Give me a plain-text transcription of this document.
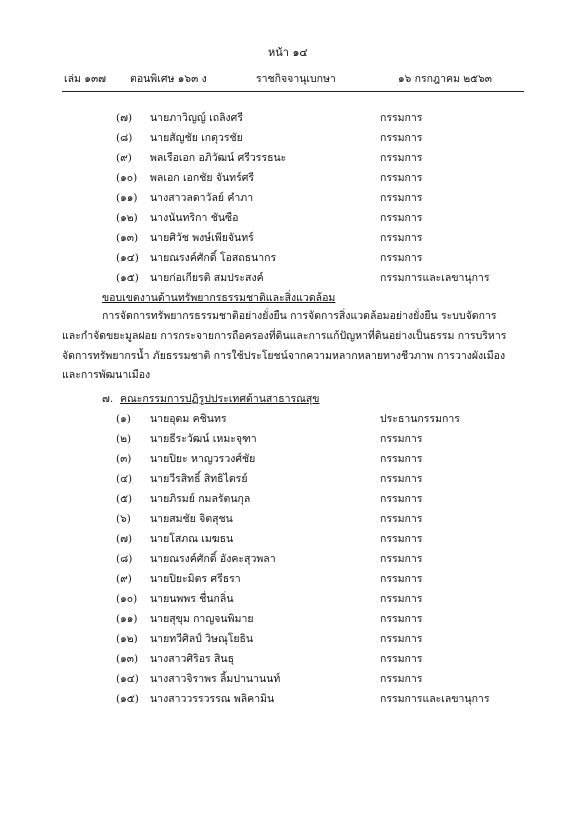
หน้า ๑๔
เล่ม ๑๓๗ ตอนพิเศษ ๑๖๓ ง	ราชกิจจานุเบกษา	๑๖ กรกฎาคม ๒๕๖๓
(๗) นายภาวิญญ์ เถลิงศรี	กรรมการ
(๘) นายสัญชัย เกตุวรชัย	กรรมการ
(๙) พลเรือเอก อภิวัฒน์ ศรีวรรธนะ	กรรมการ
(๑๐) พลเอก เอกชัย จันทร์ศรี	กรรมการ
(๑๑) นางสาวลดาวัลย์ คำภา	กรรมการ
(๑๒) นางนันทริกา ชันซือ	กรรมการ
(๑๓) นายศิวัช พงษ์เพียจันทร์	กรรมการ
(๑๔) นายณรงค์ศักดิ์ โอสถธนากร	กรรมการ
(๑๕) นายก่อเกียรติ สมประสงค์	กรรมการและเลขานุการ
ขอบเขตงานด้านทรัพยากรธรรมชาติและสิ่งแวดล้อม
การจัดการทรัพยากรธรรมชาติอย่างยั่งยืน การจัดการสิ่งแวดล้อมอย่างยั่งยืน ระบบจัดการ
และกำจัดขยะมูลฝอย การกระจายการถือครองที่ดินและการแก้ปัญหาที่ดินอย่างเป็นธรรม การบริหาร
จัดการทรัพยากรน้ำ ภัยธรรมชาติ การใช้ประโยชน์จากความหลากหลายทางชีวภาพ การวางผังเมือง
และการพัฒนาเมือง
๗. คณะกรรมการปฏิรูปประเทศด้านสาธารณสุข
(๑) นายอุดม คชินทร	ประธานกรรมการ
(๒) นายธีระวัฒน์ เหมะจุฑา	กรรมการ
(๓) นายปิยะ หาญวรวงศ์ชัย	กรรมการ
(๔) นายวีรสิทธิ์ สิทธิไตรย์	กรรมการ
(๕) นายภิรมย์ กมลรัตนกุล	กรรมการ
(๖) นายสมชัย จิตสุชน	กรรมการ
(๗) นายโสภณ เมฆธน	กรรมการ
(๘) นายณรงค์ศักดิ์ อังคะสุวพลา	กรรมการ
(๙) นายปิยะมิตร ศรีธรา	กรรมการ
(๑๐) นายนพพร ชื่นกลิ่น	กรรมการ
(๑๑) นายสุขุม กาญจนพิมาย	กรรมการ
(๑๒) นายทวีศิลป์ วิษณุโยธิน	กรรมการ
(๑๓) นางสาวศิริอร สินธุ	กรรมการ
(๑๔) นางสาวจิราพร ลิ้มปานานนท์	กรรมการ
(๑๕) นางสาววรรวรรณ พลิคามิน	กรรมการและเลขานุการ
